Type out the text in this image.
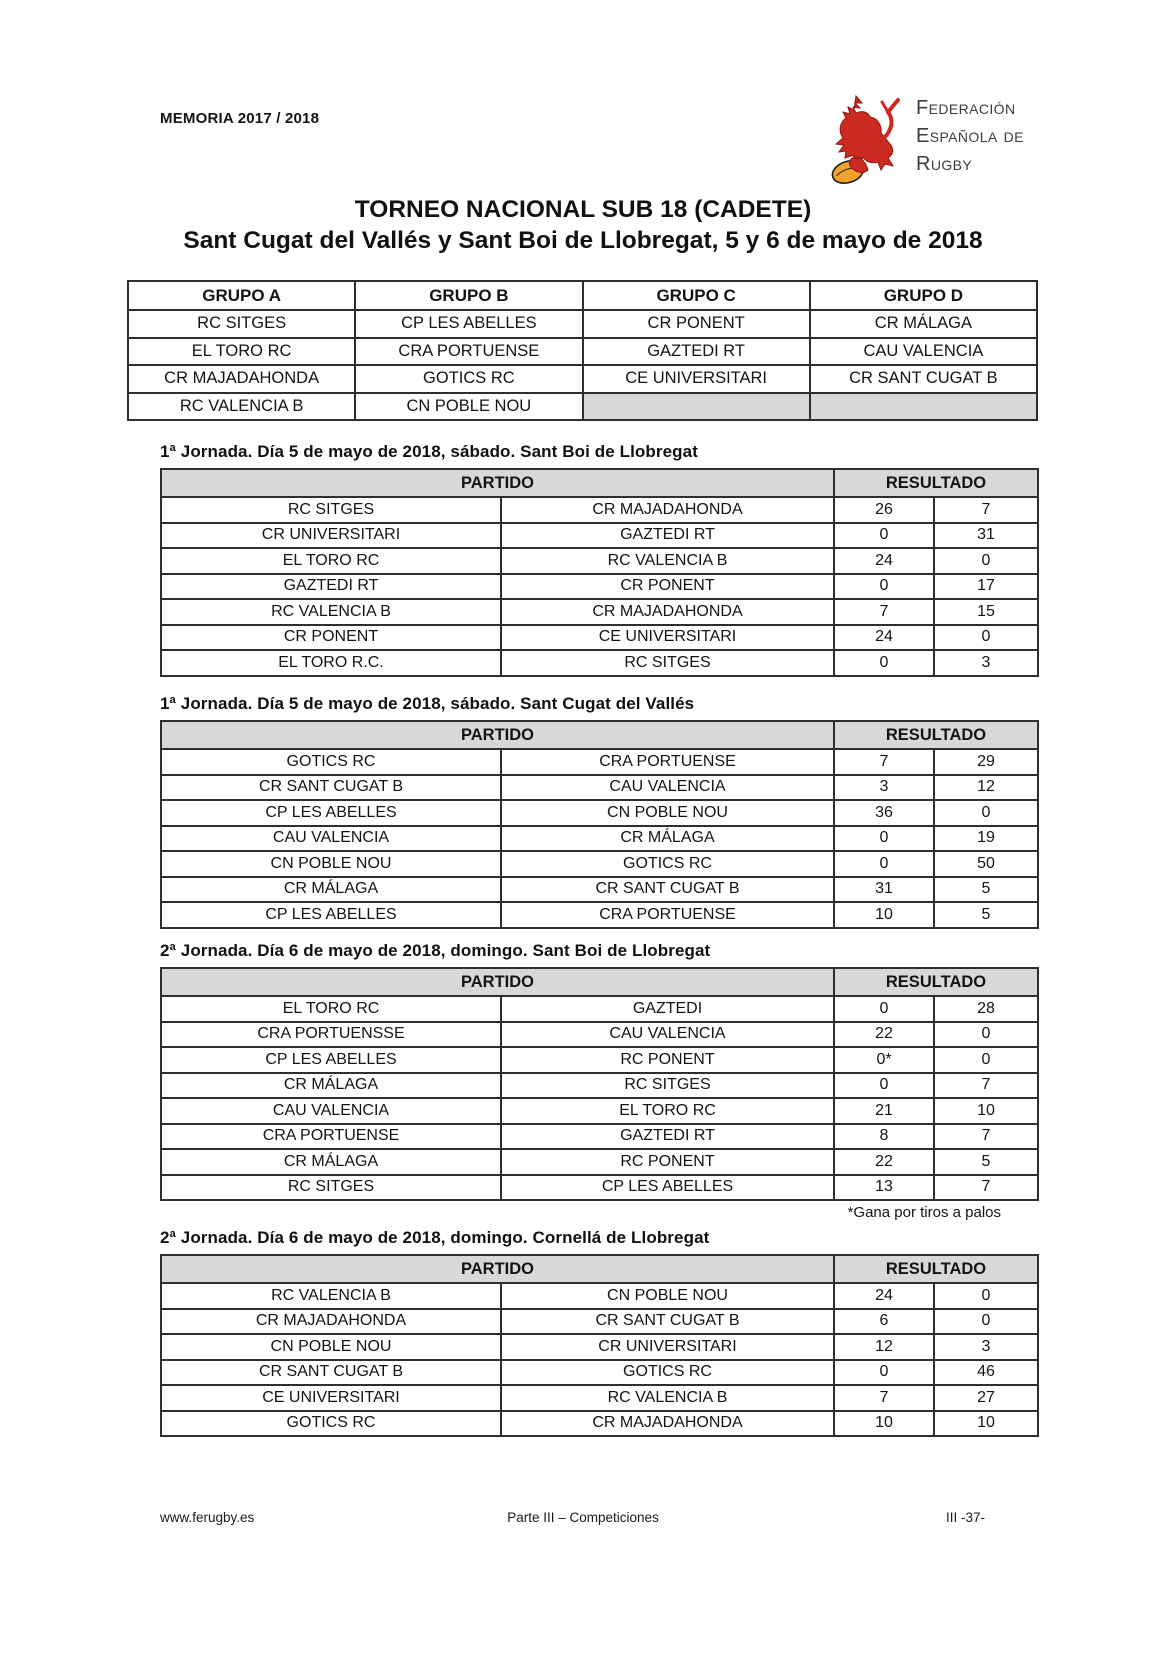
MEMORIA 2017 / 2018	Federación
Española de
Rugby
TORNEO NACIONAL SUB 18 (CADETE)
Sant Cugat del Vallés y Sant Boi de Llobregat, 5 y 6 de mayo de 2018
GRUPO A	GRUPO B	GRUPO C	GRUPO D
RC SITGES	CP LES ABELLES	CR PONENT	CR MÁLAGA
EL TORO RC	CRA PORTUENSE	GAZTEDI RT	CAU VALENCIA
CR MAJADAHONDA	GOTICS RC	CE UNIVERSITARI	CR SANT CUGAT B
RC VALENCIA B	CN POBLE NOU		
1ª Jornada. Día 5 de mayo de 2018, sábado. Sant Boi de Llobregat
PARTIDO		RESULTADO	
RC SITGES	CR MAJADAHONDA	26	7
CR UNIVERSITARI	GAZTEDI RT	0	31
EL TORO RC	RC VALENCIA B	24	0
GAZTEDI RT	CR PONENT	0	17
RC VALENCIA B	CR MAJADAHONDA	7	15
CR PONENT	CE UNIVERSITARI	24	0
EL TORO R.C.	RC SITGES	0	3
1ª Jornada. Día 5 de mayo de 2018, sábado. Sant Cugat del Vallés
PARTIDO		RESULTADO	
GOTICS RC	CRA PORTUENSE	7	29
CR SANT CUGAT B	CAU VALENCIA	3	12
CP LES ABELLES	CN POBLE NOU	36	0
CAU VALENCIA	CR MÁLAGA	0	19
CN POBLE NOU	GOTICS RC	0	50
CR MÁLAGA	CR SANT CUGAT B	31	5
CP LES ABELLES	CRA PORTUENSE	10	5
2ª Jornada. Día 6 de mayo de 2018, domingo. Sant Boi de Llobregat
PARTIDO		RESULTADO	
EL TORO RC	GAZTEDI	0	28
CRA PORTUENSSE	CAU VALENCIA	22	0
CP LES ABELLES	RC PONENT	0*	0
CR MÁLAGA	RC SITGES	0	7
CAU VALENCIA	EL TORO RC	21	10
CRA PORTUENSE	GAZTEDI RT	8	7
CR MÁLAGA	RC PONENT	22	5
RC SITGES	CP LES ABELLES	13	7
*Gana por tiros a palos
2ª Jornada. Día 6 de mayo de 2018, domingo. Cornellá de Llobregat
PARTIDO		RESULTADO	
RC VALENCIA B	CN POBLE NOU	24	0
CR MAJADAHONDA	CR SANT CUGAT B	6	0
CN POBLE NOU	CR UNIVERSITARI	12	3
CR SANT CUGAT B	GOTICS RC	0	46
CE UNIVERSITARI	RC VALENCIA B	7	27
GOTICS RC	CR MAJADAHONDA	10	10
www.ferugby.es	Parte III – Competiciones	III -37-
